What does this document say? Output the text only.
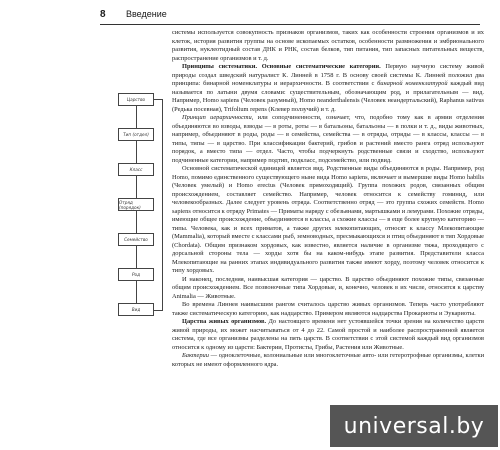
8 Введение
Царство
Тип (отдел)
Класс
Отряд (порядок)
Семейство
Род
Вид

системы используется совокупность признаков организмов, таких как особенности строения организмов и их клеток, история развития группы на основе ископаемых остатков, особенности размножения и эмбрионального развития, нуклеотидный состав ДНК и РНК, состав белков, тип питания, тип запасных питательных веществ, распространение организмов и т. д.

Принципы систематики. Основные систематические категории. Первую научную систему живой природы создал шведский натуралист К. Линней в 1758 г. В основу своей системы К. Линней положил два принципа: бинарной номенклатуры и иерархичности. В соответствии с бинарной номенклатурой каждый вид называется по латыни двумя словами: существительным, обозначающим род, и прилагательным — вид. Например, Homo sapiens (Человек разумный), Homo neanderthalensis (Человек неандертальский), Raphanus sativus (Редька посевная), Trifolium repens (Клевер ползучий) и т. д.

Принцип иерархичности, или соподчиненности, означает, что, подобно тому как в армии отделения объединяются во взводы, взводы — в роты, роты — в батальоны, батальоны — в полки и т. д., виды животных, например, объединяют в роды, роды — в семейства, семейства — в отряды, отряды — в классы, классы — в типы, типы — в царство. При классификации бактерий, грибов и растений вместо ранга отряд используют порядок, а вместо типа — отдел. Часто, чтобы подчеркнуть родственные связи и сходство, используют подчиненные категории, например подтип, подкласс, подсемейство, или подвид.

Основной систематической единицей является вид. Родственные виды объединяются в роды. Например, род Homo, помимо единственного существующего ныне вида Homo sapiens, включает и вымершие виды Homo habilis (Человек умелый) и Homo erectus (Человек прямоходящий). Группа похожих родов, связанных общим происхождением, составляет семейство. Например, человек относится к семейству гоминид, или человекообразных. Далее следует уровень отряда. Соответственно отряд — это группа схожих семейств. Homo sapiens относится к отряду Primates — Приматы наряду с обезьянами, мартышками и лемурами. Похожие отряды, имеющие общее происхождение, объединяются в классы, а схожие классы — в еще более крупную категорию — типы. Человека, как и всех приматов, а также других млекопитающих, относят к классу Млекопитающие (Mammalia), который вместе с классами рыб, земноводных, пресмыкающихся и птиц объединяют в тип Хордовые (Chordata). Общим признаком хордовых, как известно, является наличие в организме тяжа, проходящего с дорсальной стороны тела — хорды хотя бы на каком-нибудь этапе развития. Представители класса Млекопитающие на ранних этапах индивидуального развития также имеют хорду, поэтому человек относится к типу хордовых.

И наконец, последняя, наивысшая категория — царство. В царство объединяют похожие типы, связанные общим происхождением. Все позвоночные типа Хордовые, и, конечно, человек в их числе, относятся к царству Animalia — Животные.

Во времена Линнея наивысшим рангом считалось царство живых организмов. Теперь часто употребляют также систематическую категорию, как надцарство. Примером являются надцарства Прокариоты и Эукариоты.

Царства живых организмов. До настоящего времени нет устоявшейся точки зрения на количество царств живой природы, их может насчитываться от 4 до 22. Самой простой и наиболее распространенной является система, где все организмы разделены на пять царств. В соответствии с этой системой каждый вид организмов относится к одному из царств: Бактерии, Протисты, Грибы, Растения или Животные.

Бактерии — одноклеточные, колониальные или многоклеточные авто- или гетеротрофные организмы, клетки которых не имеют оформленного ядра.

universal.by
